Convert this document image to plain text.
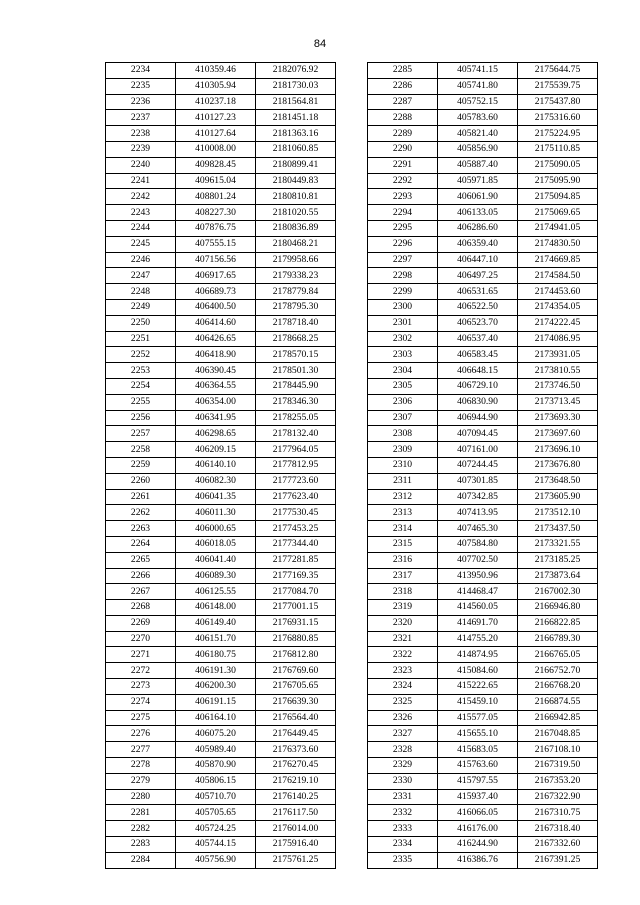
84
2234	410359.46	2182076.92
2235	410305.94	2181730.03
2236	410237.18	2181564.81
2237	410127.23	2181451.18
2238	410127.64	2181363.16
2239	410008.00	2181060.85
2240	409828.45	2180899.41
2241	409615.04	2180449.83
2242	408801.24	2180810.81
2243	408227.30	2181020.55
2244	407876.75	2180836.89
2245	407555.15	2180468.21
2246	407156.56	2179958.66
2247	406917.65	2179338.23
2248	406689.73	2178779.84
2249	406400.50	2178795.30
2250	406414.60	2178718.40
2251	406426.65	2178668.25
2252	406418.90	2178570.15
2253	406390.45	2178501.30
2254	406364.55	2178445.90
2255	406354.00	2178346.30
2256	406341.95	2178255.05
2257	406298.65	2178132.40
2258	406209.15	2177964.05
2259	406140.10	2177812.95
2260	406082.30	2177723.60
2261	406041.35	2177623.40
2262	406011.30	2177530.45
2263	406000.65	2177453.25
2264	406018.05	2177344.40
2265	406041.40	2177281.85
2266	406089.30	2177169.35
2267	406125.55	2177084.70
2268	406148.00	2177001.15
2269	406149.40	2176931.15
2270	406151.70	2176880.85
2271	406180.75	2176812.80
2272	406191.30	2176769.60
2273	406200.30	2176705.65
2274	406191.15	2176639.30
2275	406164.10	2176564.40
2276	406075.20	2176449.45
2277	405989.40	2176373.60
2278	405870.90	2176270.45
2279	405806.15	2176219.10
2280	405710.70	2176140.25
2281	405705.65	2176117.50
2282	405724.25	2176014.00
2283	405744.15	2175916.40
2284	405756.90	2175761.25
2285	405741.15	2175644.75
2286	405741.80	2175539.75
2287	405752.15	2175437.80
2288	405783.60	2175316.60
2289	405821.40	2175224.95
2290	405856.90	2175110.85
2291	405887.40	2175090.05
2292	405971.85	2175095.90
2293	406061.90	2175094.85
2294	406133.05	2175069.65
2295	406286.60	2174941.05
2296	406359.40	2174830.50
2297	406447.10	2174669.85
2298	406497.25	2174584.50
2299	406531.65	2174453.60
2300	406522.50	2174354.05
2301	406523.70	2174222.45
2302	406537.40	2174086.95
2303	406583.45	2173931.05
2304	406648.15	2173810.55
2305	406729.10	2173746.50
2306	406830.90	2173713.45
2307	406944.90	2173693.30
2308	407094.45	2173697.60
2309	407161.00	2173696.10
2310	407244.45	2173676.80
2311	407301.85	2173648.50
2312	407342.85	2173605.90
2313	407413.95	2173512.10
2314	407465.30	2173437.50
2315	407584.80	2173321.55
2316	407702.50	2173185.25
2317	413950.96	2173873.64
2318	414468.47	2167002.30
2319	414560.05	2166946.80
2320	414691.70	2166822.85
2321	414755.20	2166789.30
2322	414874.95	2166765.05
2323	415084.60	2166752.70
2324	415222.65	2166768.20
2325	415459.10	2166874.55
2326	415577.05	2166942.85
2327	415655.10	2167048.85
2328	415683.05	2167108.10
2329	415763.60	2167319.50
2330	415797.55	2167353.20
2331	415937.40	2167322.90
2332	416066.05	2167310.75
2333	416176.00	2167318.40
2334	416244.90	2167332.60
2335	416386.76	2167391.25
